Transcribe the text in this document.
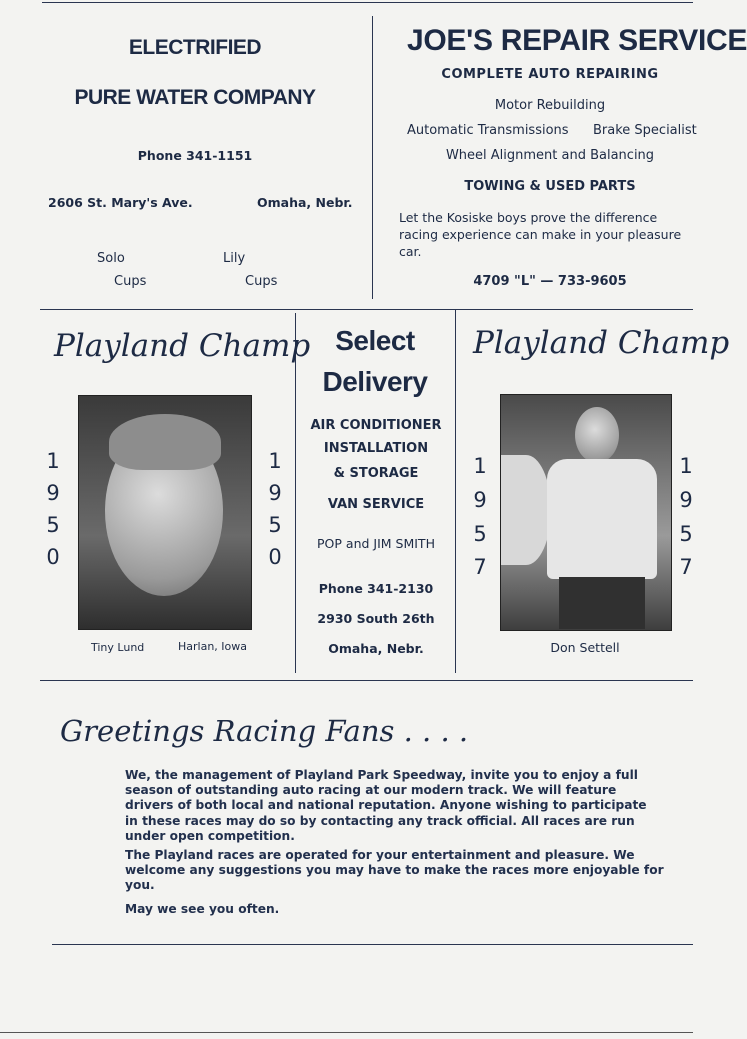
ELECTRIFIED
PURE WATER COMPANY
Phone 341-1151
2606 St. Mary's Ave.	Omaha, Nebr.
Solo
Cups
Lily
Cups
JOE'S REPAIR SERVICE
COMPLETE AUTO REPAIRING
Motor Rebuilding
Automatic Transmissions Brake Specialist
Wheel Alignment and Balancing
TOWING & USED PARTS
Let the Kosiske boys prove the difference
racing experience can make in your pleasure
car.
4709 "L" — 733-9605
Playland Champ
1
9
5
0
1
9
5
0
Tiny Lund	Harlan, Iowa
Select
Delivery
AIR CONDITIONER
INSTALLATION
& STORAGE
VAN SERVICE
POP and JIM SMITH
Phone 341-2130
2930 South 26th
Omaha, Nebr.
Playland Champ
1
9
5
7
1
9
5
7
Don Settell
Greetings Racing Fans . . . .
We, the management of Playland Park Speedway, invite you to enjoy a full
season of outstanding auto racing at our modern track. We will feature
drivers of both local and national reputation. Anyone wishing to participate
in these races may do so by contacting any track official. All races are run
under open competition.
The Playland races are operated for your entertainment and pleasure. We
welcome any suggestions you may have to make the races more enjoyable for
you.
May we see you often.
